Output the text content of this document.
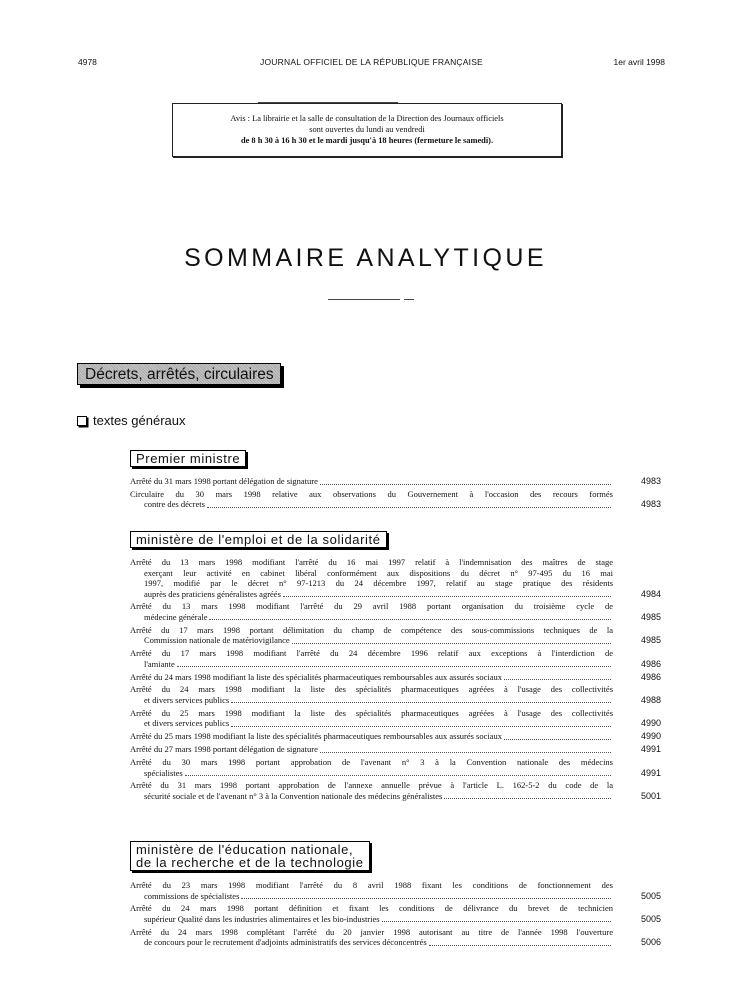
4978	JOURNAL OFFICIEL DE LA RÉPUBLIQUE FRANÇAISE	1er avril 1998
Avis : La librairie et la salle de consultation de la Direction des Journaux officiels
sont ouvertes du lundi au vendredi
de 8 h 30 à 16 h 30 et le mardi jusqu'à 18 heures (fermeture le samedi).
SOMMAIRE ANALYTIQUE
Décrets, arrêtés, circulaires
textes généraux
Premier ministre
Arrêté du 31 mars 1998 portant délégation de signature	4983
Circulaire du 30 mars 1998 relative aux observations du Gouvernement à l'occasion des recours formés
contre des décrets	4983
ministère de l'emploi et de la solidarité
Arrêté du 13 mars 1998 modifiant l'arrêté du 16 mai 1997 relatif à l'indemnisation des maîtres de stage
exerçant leur activité en cabinet libéral conformément aux dispositions du décret n° 97-495 du 16 mai
1997, modifié par le décret n° 97-1213 du 24 décembre 1997, relatif au stage pratique des résidents
auprès des praticiens généralistes agréés	4984
Arrêté du 13 mars 1998 modifiant l'arrêté du 29 avril 1988 portant organisation du troisième cycle de
médecine générale	4985
Arrêté du 17 mars 1998 portant délimitation du champ de compétence des sous-commissions techniques de la
Commission nationale de matériovigilance	4985
Arrêté du 17 mars 1998 modifiant l'arrêté du 24 décembre 1996 relatif aux exceptions à l'interdiction de
l'amiante	4986
Arrêté du 24 mars 1998 modifiant la liste des spécialités pharmaceutiques remboursables aux assurés sociaux	4986
Arrêté du 24 mars 1998 modifiant la liste des spécialités pharmaceutiques agréées à l'usage des collectivités
et divers services publics	4988
Arrêté du 25 mars 1998 modifiant la liste des spécialités pharmaceutiques agréées à l'usage des collectivités
et divers services publics	4990
Arrêté du 25 mars 1998 modifiant la liste des spécialités pharmaceutiques remboursables aux assurés sociaux	4990
Arrêté du 27 mars 1998 portant délégation de signature	4991
Arrêté du 30 mars 1998 portant approbation de l'avenant n° 3 à la Convention nationale des médecins
spécialistes	4991
Arrêté du 31 mars 1998 portant approbation de l'annexe annuelle prévue à l'article L. 162-5-2 du code de la
sécurité sociale et de l'avenant n° 3 à la Convention nationale des médecins généralistes	5001
ministère de l'éducation nationale,
de la recherche et de la technologie
Arrêté du 23 mars 1998 modifiant l'arrêté du 8 avril 1988 fixant les conditions de fonctionnement des
commissions de spécialistes	5005
Arrêté du 24 mars 1998 portant définition et fixant les conditions de délivrance du brevet de technicien
supérieur Qualité dans les industries alimentaires et les bio-industries	5005
Arrêté du 24 mars 1998 complétant l'arrêté du 20 janvier 1998 autorisant au titre de l'année 1998 l'ouverture
de concours pour le recrutement d'adjoints administratifs des services déconcentrés	5006
